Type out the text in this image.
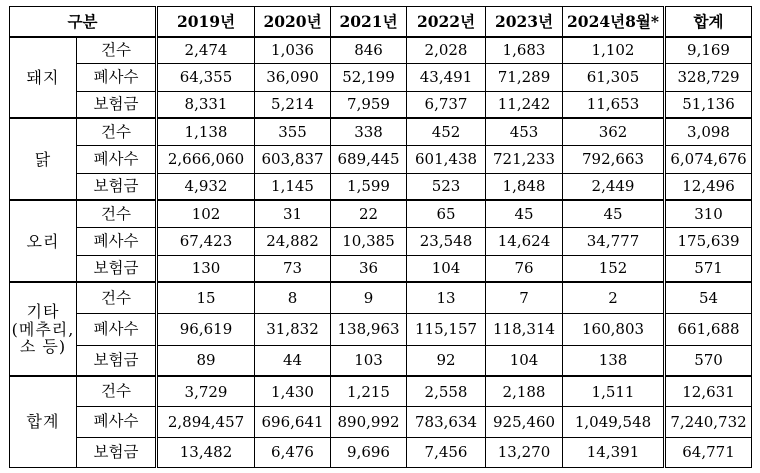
구분		2019년	2020년	2021년	2022년	2023년	2024년8월*	합계
돼지	건수	2,474	1,036	846	2,028	1,683	1,102	9,169
	폐사수	64,355	36,090	52,199	43,491	71,289	61,305	328,729
	보험금	8,331	5,214	7,959	6,737	11,242	11,653	51,136
닭	건수	1,138	355	338	452	453	362	3,098
	폐사수	2,666,060	603,837	689,445	601,438	721,233	792,663	6,074,676
	보험금	4,932	1,145	1,599	523	1,848	2,449	12,496
오리	건수	102	31	22	65	45	45	310
	폐사수	67,423	24,882	10,385	23,548	14,624	34,777	175,639
	보험금	130	73	36	104	76	152	571

기타
(메추리,
소 등)	건수	15	8	9	13	7	2	54
	폐사수	96,619	31,832	138,963	115,157	118,314	160,803	661,688
	보험금	89	44	103	92	104	138	570
합계	건수	3,729	1,430	1,215	2,558	2,188	1,511	12,631
	폐사수	2,894,457	696,641	890,992	783,634	925,460	1,049,548	7,240,732
	보험금	13,482	6,476	9,696	7,456	13,270	14,391	64,771
